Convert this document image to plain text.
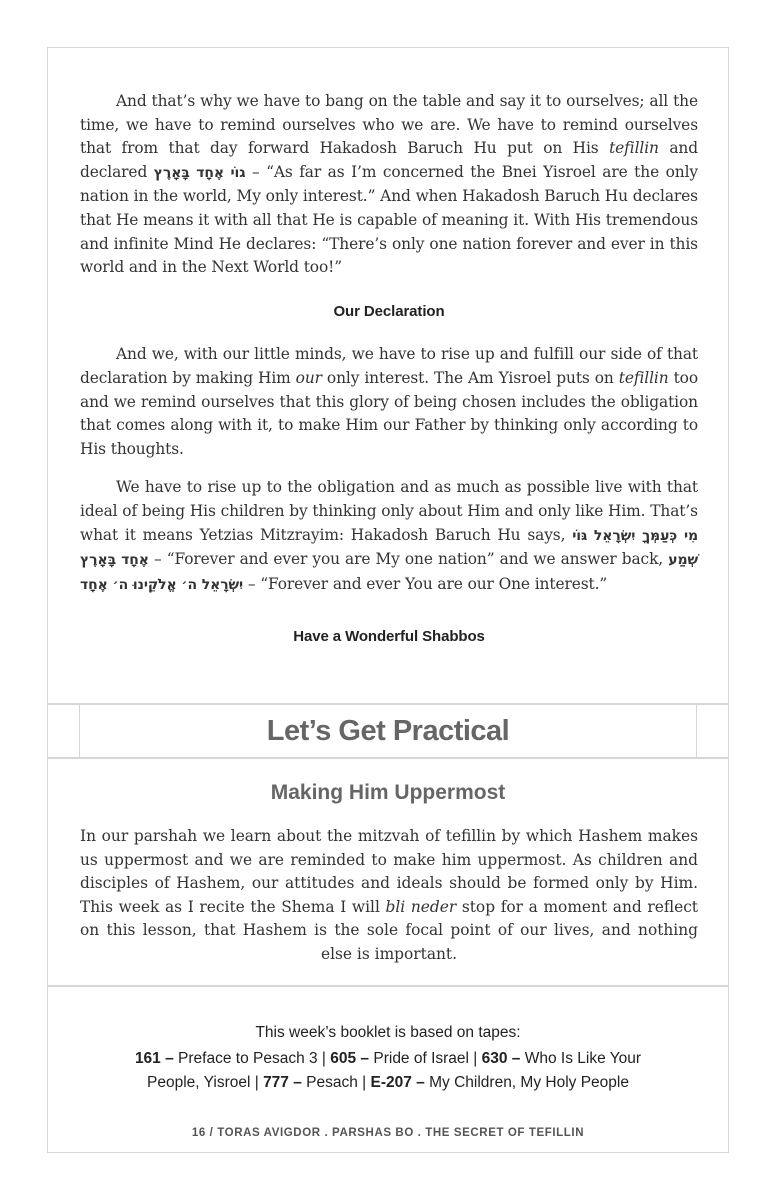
And that’s why we have to bang on the table and say it to ourselves; all the time, we have to remind ourselves who we are. We have to remind ourselves that from that day forward Hakadosh Baruch Hu put on His tefillin and declared גוֹי אֶחָד בָּאָרֶץ – “As far as I’m concerned the Bnei Yisroel are the only nation in the world, My only interest.” And when Hakadosh Baruch Hu declares that He means it with all that He is capable of meaning it. With His tremendous and infinite Mind He declares: “There’s only one nation forever and ever in this world and in the Next World too!”

Our Declaration

And we, with our little minds, we have to rise up and fulfill our side of that declaration by making Him our only interest. The Am Yisroel puts on tefillin too and we remind ourselves that this glory of being chosen includes the obligation that comes along with it, to make Him our Father by thinking only according to His thoughts.

We have to rise up to the obligation and as much as possible live with that ideal of being His children by thinking only about Him and only like Him. That’s what it means Yetzias Mitzrayim: Hakadosh Baruch Hu says, מִי כְּעַמְּךָ יִשְׂרָאֵל גּוֹי אֶחָד בָּאָרֶץ – “Forever and ever you are My one nation” and we answer back, שְׁמַע יִשְׂרָאֵל ה׳ אֱלֹקֵינוּ ה׳ אֶחָד – “Forever and ever You are our One interest.”

Have a Wonderful Shabbos

Let’s Get Practical
Making Him Uppermost

In our parshah we learn about the mitzvah of tefillin by which Hashem makes us uppermost and we are reminded to make him uppermost. As children and disciples of Hashem, our attitudes and ideals should be formed only by Him. This week as I recite the Shema I will bli neder stop for a moment and reflect on this lesson, that Hashem is the sole focal point of our lives, and nothing else is important.

This week’s booklet is based on tapes:
161 – Preface to Pesach 3 | 605 – Pride of Israel | 630 – Who Is Like Your People, Yisroel | 777 – Pesach | E-207 – My Children, My Holy People
16 / TORAS AVIGDOR . PARSHAS BO . THE SECRET OF TEFILLIN
